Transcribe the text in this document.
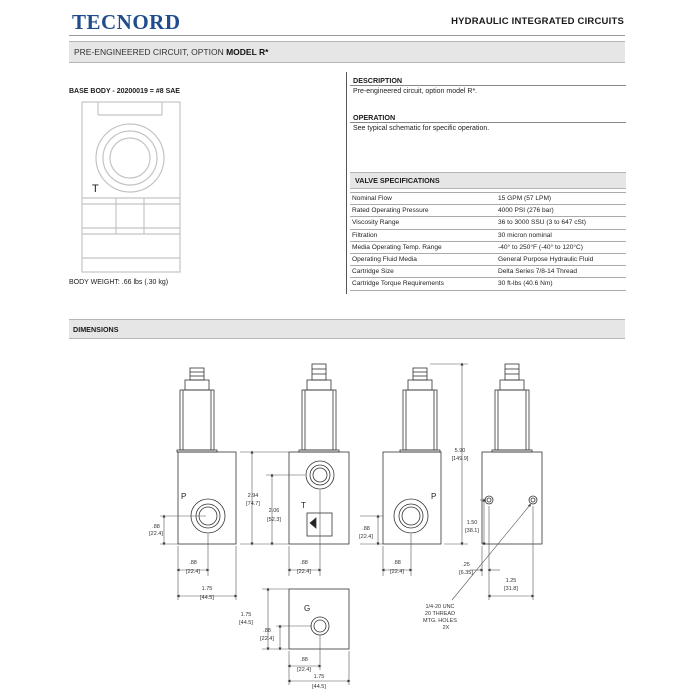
TECNORD	HYDRAULIC INTEGRATED CIRCUITS
PRE-ENGINEERED CIRCUIT, OPTION MODEL R*
BASE BODY - 20200019 = #8 SAE
T
BODY WEIGHT: .66 lbs (.30 kg)
DESCRIPTION
Pre-engineered circuit, option model R*.
OPERATION
See typical schematic for specific operation.
VALVE SPECIFICATIONS
Nominal Flow	15 GPM (57 LPM)
Rated Operating Pressure	4000 PSI (276 bar)
Viscosity Range	36 to 3000 SSU (3 to 647 cSt)
Filtration	30 micron nominal
Media Operating Temp. Range	-40° to 250°F (-40° to 120°C)
Operating Fluid Media	General Purpose Hydraulic Fluid
Cartridge Size	Delta Series 7/8-14 Thread
Cartridge Torque Requirements	30 ft-lbs (40.6 Nm)
DIMENSIONS
P
T
P
G
.88
[22.4]
.88
[22.4]
1.75
[44.5]
2.94
[74.7]
2.06
[52.3]
.88
[22.4]
.88
[22.4]
.88
[22.4]
5.90
[149.9]
1.50
[38.1]
.25
[6.35]
1.25
[31.8]
1.75
[44.5]
.88
[22.4]
.88
[22.4]
1.75
[44.5]
1/4-20 UNC
20 THREAD
MTG. HOLES
2X
